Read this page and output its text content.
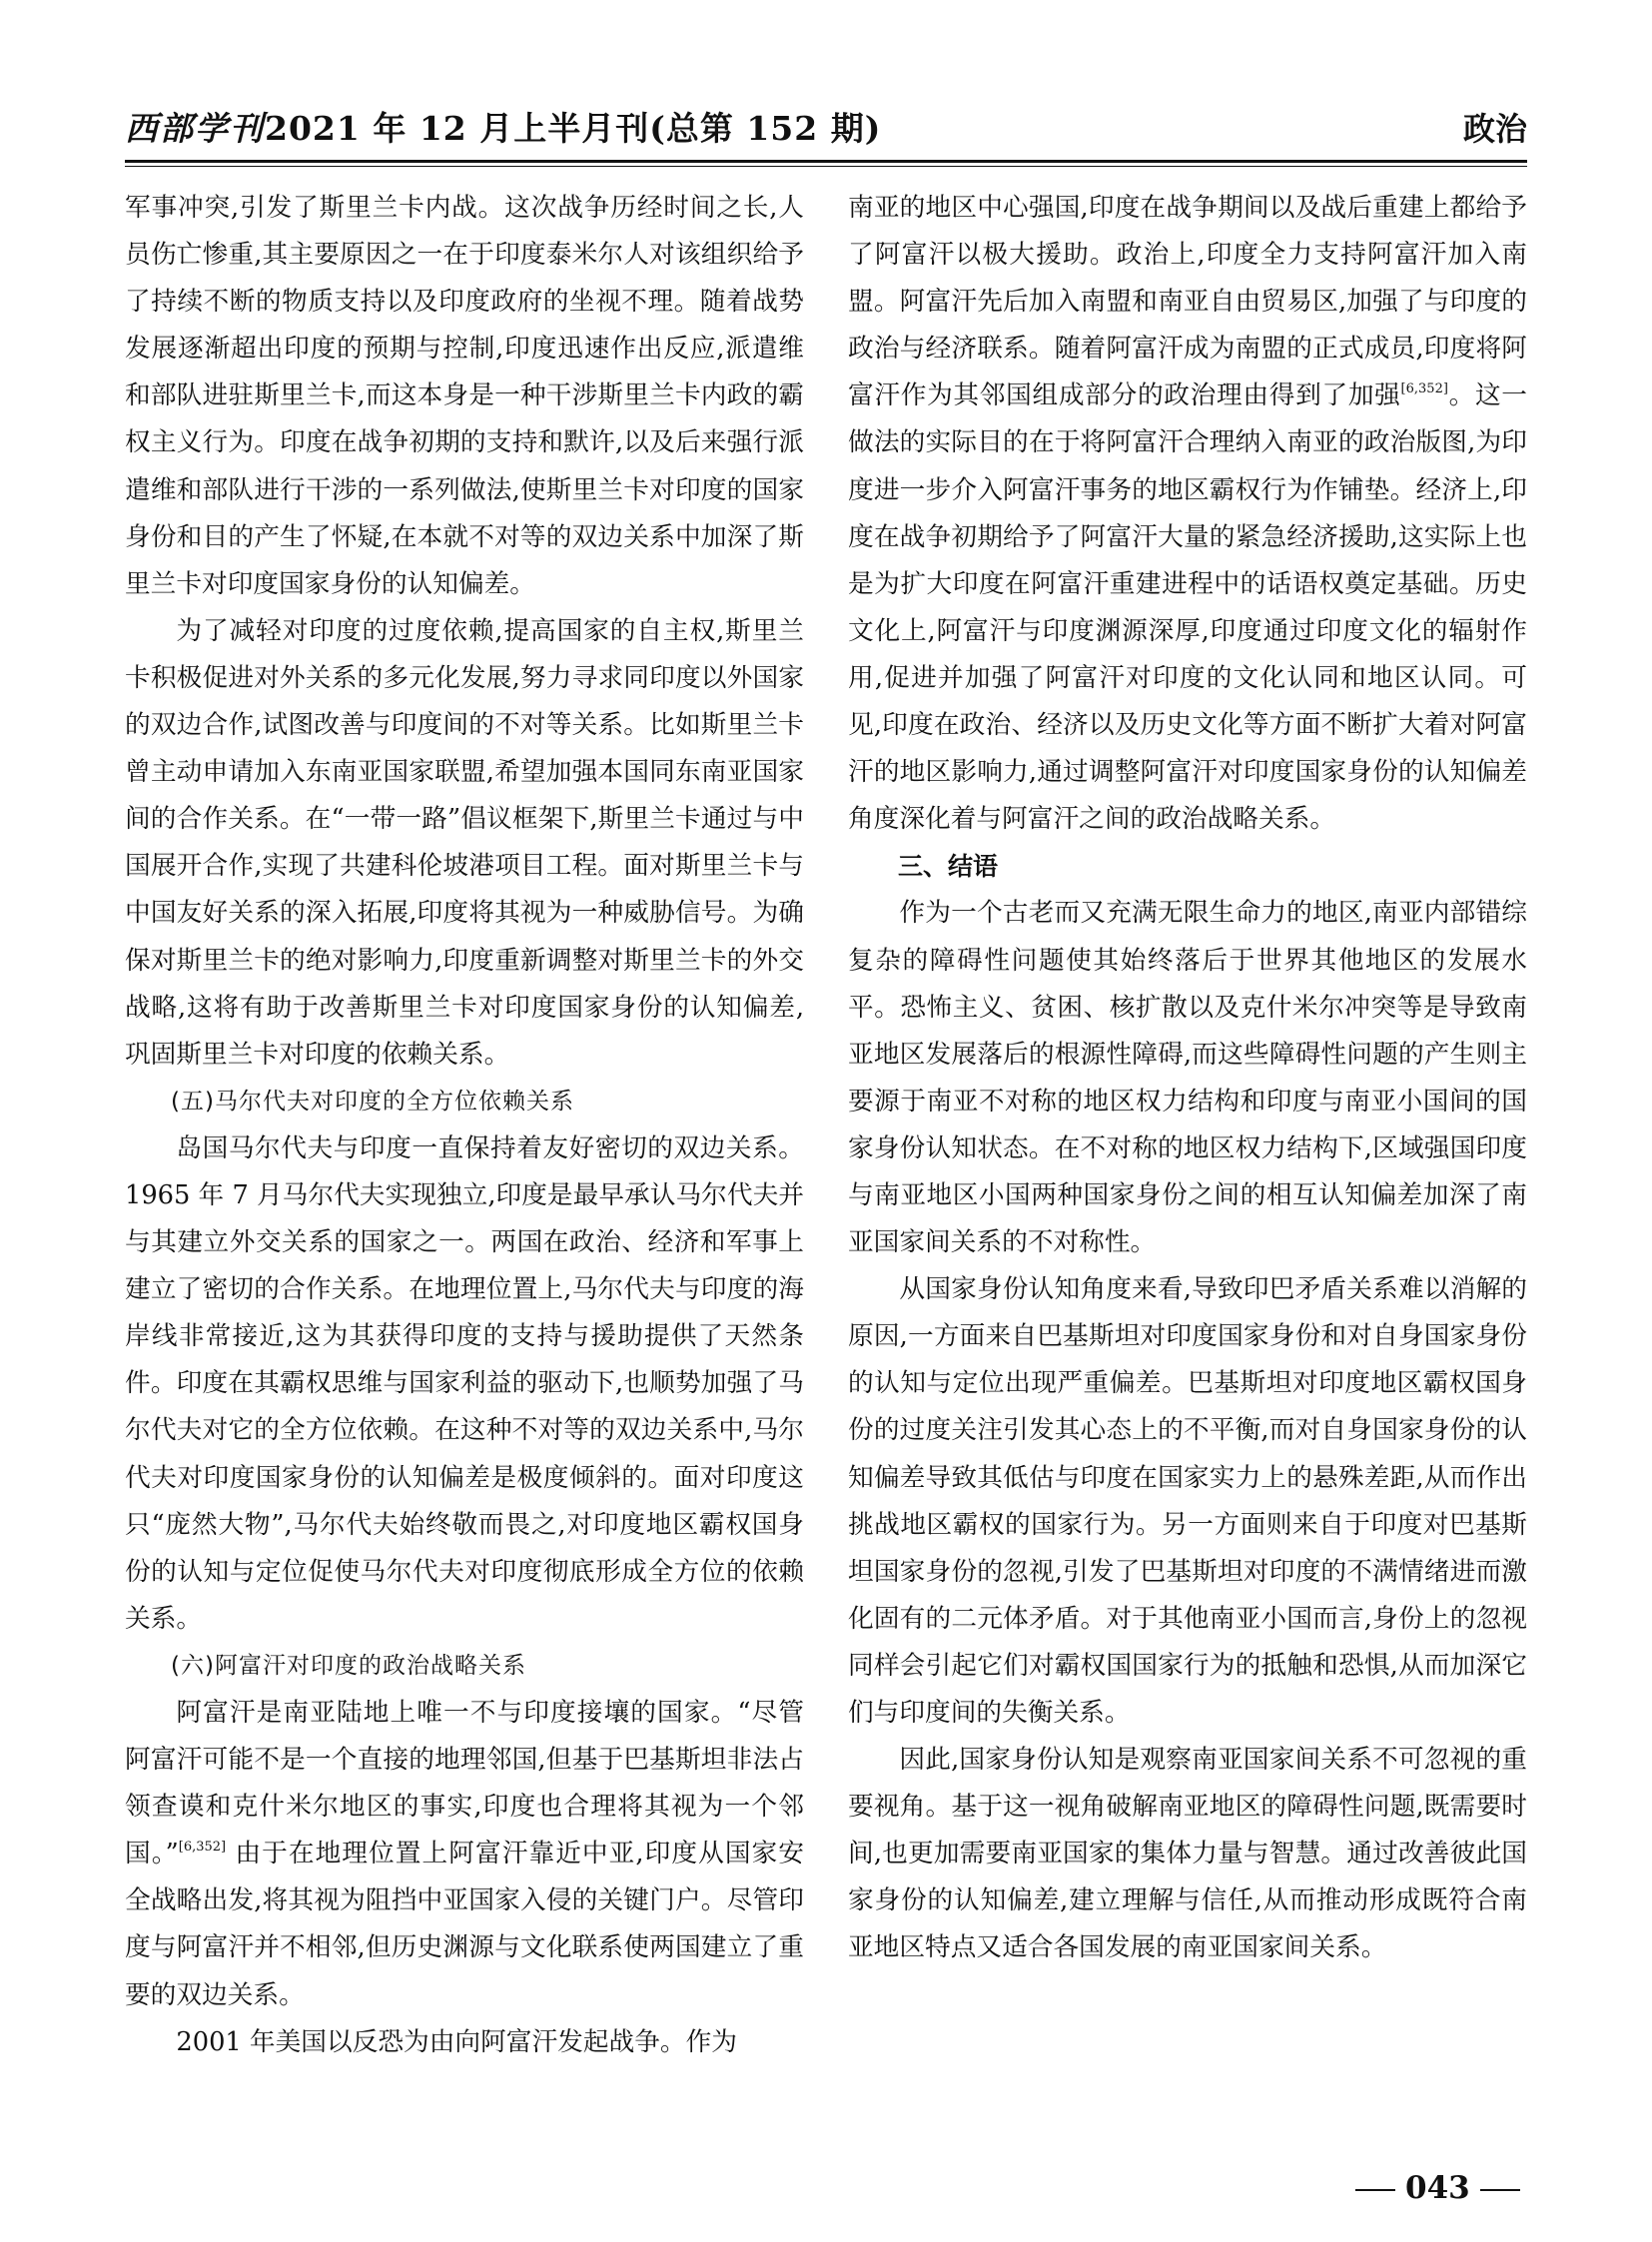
西部学刊2021 年 12 月上半月刊(总第 152 期)	政治

军事冲突,引发了斯里兰卡内战。这次战争历经时间之长,人员伤亡惨重,其主要原因之一在于印度泰米尔人对该组织给予了持续不断的物质支持以及印度政府的坐视不理。随着战势发展逐渐超出印度的预期与控制,印度迅速作出反应,派遣维和部队进驻斯里兰卡,而这本身是一种干涉斯里兰卡内政的霸权主义行为。印度在战争初期的支持和默许,以及后来强行派遣维和部队进行干涉的一系列做法,使斯里兰卡对印度的国家身份和目的产生了怀疑,在本就不对等的双边关系中加深了斯里兰卡对印度国家身份的认知偏差。

为了减轻对印度的过度依赖,提高国家的自主权,斯里兰卡积极促进对外关系的多元化发展,努力寻求同印度以外国家的双边合作,试图改善与印度间的不对等关系。比如斯里兰卡曾主动申请加入东南亚国家联盟,希望加强本国同东南亚国家间的合作关系。在“一带一路”倡议框架下,斯里兰卡通过与中国展开合作,实现了共建科伦坡港项目工程。面对斯里兰卡与中国友好关系的深入拓展,印度将其视为一种威胁信号。为确保对斯里兰卡的绝对影响力,印度重新调整对斯里兰卡的外交战略,这将有助于改善斯里兰卡对印度国家身份的认知偏差,巩固斯里兰卡对印度的依赖关系。

(五)马尔代夫对印度的全方位依赖关系

岛国马尔代夫与印度一直保持着友好密切的双边关系。1965 年 7 月马尔代夫实现独立,印度是最早承认马尔代夫并与其建立外交关系的国家之一。两国在政治、经济和军事上建立了密切的合作关系。在地理位置上,马尔代夫与印度的海岸线非常接近,这为其获得印度的支持与援助提供了天然条件。印度在其霸权思维与国家利益的驱动下,也顺势加强了马尔代夫对它的全方位依赖。在这种不对等的双边关系中,马尔代夫对印度国家身份的认知偏差是极度倾斜的。面对印度这只“庞然大物”,马尔代夫始终敬而畏之,对印度地区霸权国身份的认知与定位促使马尔代夫对印度彻底形成全方位的依赖关系。

(六)阿富汗对印度的政治战略关系

阿富汗是南亚陆地上唯一不与印度接壤的国家。“尽管阿富汗可能不是一个直接的地理邻国,但基于巴基斯坦非法占领查谟和克什米尔地区的事实,印度也合理将其视为一个邻国。”[6,352] 由于在地理位置上阿富汗靠近中亚,印度从国家安全战略出发,将其视为阻挡中亚国家入侵的关键门户。尽管印度与阿富汗并不相邻,但历史渊源与文化联系使两国建立了重要的双边关系。

2001 年美国以反恐为由向阿富汗发起战争。作为

南亚的地区中心强国,印度在战争期间以及战后重建上都给予了阿富汗以极大援助。政治上,印度全力支持阿富汗加入南盟。阿富汗先后加入南盟和南亚自由贸易区,加强了与印度的政治与经济联系。随着阿富汗成为南盟的正式成员,印度将阿富汗作为其邻国组成部分的政治理由得到了加强[6,352]。这一做法的实际目的在于将阿富汗合理纳入南亚的政治版图,为印度进一步介入阿富汗事务的地区霸权行为作铺垫。经济上,印度在战争初期给予了阿富汗大量的紧急经济援助,这实际上也是为扩大印度在阿富汗重建进程中的话语权奠定基础。历史文化上,阿富汗与印度渊源深厚,印度通过印度文化的辐射作用,促进并加强了阿富汗对印度的文化认同和地区认同。可见,印度在政治、经济以及历史文化等方面不断扩大着对阿富汗的地区影响力,通过调整阿富汗对印度国家身份的认知偏差角度深化着与阿富汗之间的政治战略关系。

三、结语

作为一个古老而又充满无限生命力的地区,南亚内部错综复杂的障碍性问题使其始终落后于世界其他地区的发展水平。恐怖主义、贫困、核扩散以及克什米尔冲突等是导致南亚地区发展落后的根源性障碍,而这些障碍性问题的产生则主要源于南亚不对称的地区权力结构和印度与南亚小国间的国家身份认知状态。在不对称的地区权力结构下,区域强国印度与南亚地区小国两种国家身份之间的相互认知偏差加深了南亚国家间关系的不对称性。

从国家身份认知角度来看,导致印巴矛盾关系难以消解的原因,一方面来自巴基斯坦对印度国家身份和对自身国家身份的认知与定位出现严重偏差。巴基斯坦对印度地区霸权国身份的过度关注引发其心态上的不平衡,而对自身国家身份的认知偏差导致其低估与印度在国家实力上的悬殊差距,从而作出挑战地区霸权的国家行为。另一方面则来自于印度对巴基斯坦国家身份的忽视,引发了巴基斯坦对印度的不满情绪进而激化固有的二元体矛盾。对于其他南亚小国而言,身份上的忽视同样会引起它们对霸权国国家行为的抵触和恐惧,从而加深它们与印度间的失衡关系。

因此,国家身份认知是观察南亚国家间关系不可忽视的重要视角。基于这一视角破解南亚地区的障碍性问题,既需要时间,也更加需要南亚国家的集体力量与智慧。通过改善彼此国家身份的认知偏差,建立理解与信任,从而推动形成既符合南亚地区特点又适合各国发展的南亚国家间关系。

043
